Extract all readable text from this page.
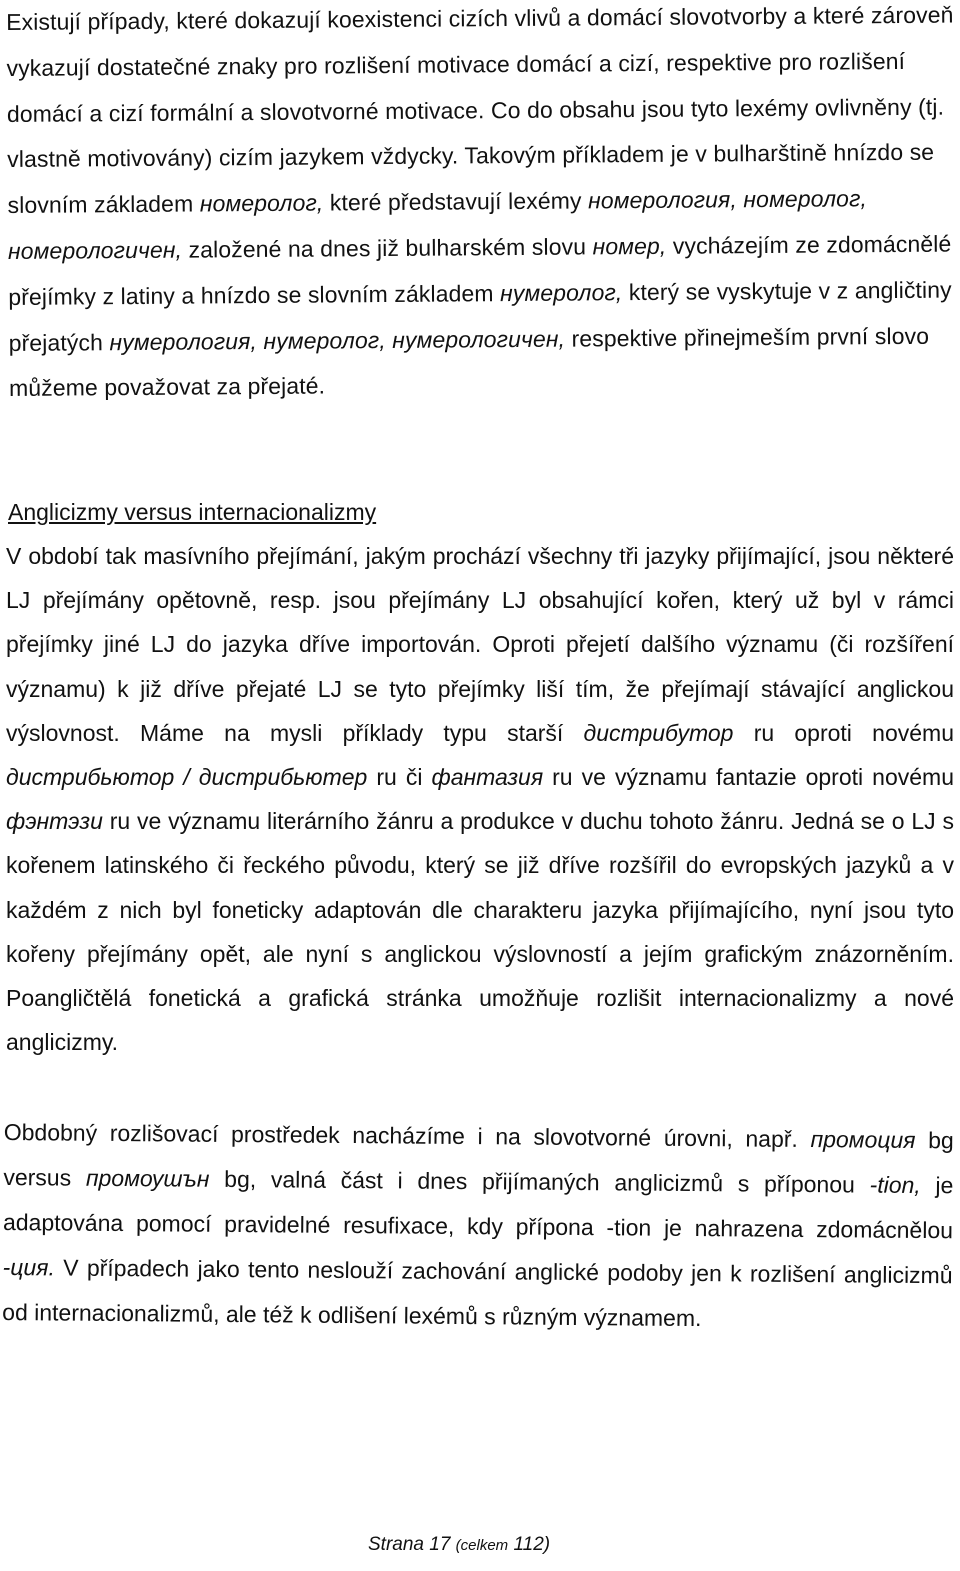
Existují případy, které dokazují koexistenci cizích vlivů a domácí slovotvorby a které zároveň vykazují dostatečné znaky pro rozlišení motivace domácí a cizí, respektive pro rozlišení domácí a cizí formální a slovotvorné motivace. Co do obsahu jsou tyto lexémy ovlivněny (tj. vlastně motivovány) cizím jazykem vždycky. Takovým příkladem je v bulharštině hnízdo se slovním základem номеролог, které představují lexémy номерология, номеролог, номерологичен, založené na dnes již bulharském slovu номер, vycházejím ze zdomácnělé přejímky z latiny a hnízdo se slovním základem нумеролог, který se vyskytuje v z angličtiny přejatých нумерология, нумеролог, нумерологичен, respektive přinejmeším první slovo můžeme považovat za přejaté.

Anglicizmy versus internacionalizmy

V období tak masívního přejímání, jakým prochází všechny tři jazyky přijímající, jsou některé LJ přejímány opětovně, resp. jsou přejímány LJ obsahující kořen, který už byl v rámci přejímky jiné LJ do jazyka dříve importován. Oproti přejetí dalšího významu (či rozšíření významu) k již dříve přejaté LJ se tyto přejímky liší tím, že přejímají stávající anglickou výslovnost. Máme na mysli příklady typu starší дистрибутор ru oproti novému дистрибьютор / дистрибьютер ru či фантазия ru ve významu fantazie oproti novému фэнтэзи ru ve významu literárního žánru a produkce v duchu tohoto žánru. Jedná se o LJ s kořenem latinského či řeckého původu, který se již dříve rozšířil do evropských jazyků a v každém z nich byl foneticky adaptován dle charakteru jazyka přijímajícího, nyní jsou tyto kořeny přejímány opět, ale nyní s anglickou výslovností a jejím grafickým znázorněním. Poangličtělá fonetická a grafická stránka umožňuje rozlišit internacionalizmy a nové anglicizmy.

Obdobný rozlišovací prostředek nacházíme i na slovotvorné úrovni, např. промоция bg versus промоушън bg, valná část i dnes přijímaných anglicizmů s příponou -tion, je adaptována pomocí pravidelné resufixace, kdy přípona -tion je nahrazena zdomácnělou -ция. V případech jako tento neslouží zachování anglické podoby jen k rozlišení anglicizmů od internacionalizmů, ale též k odlišení lexémů s různým významem.

Strana 17 (celkem 112)
